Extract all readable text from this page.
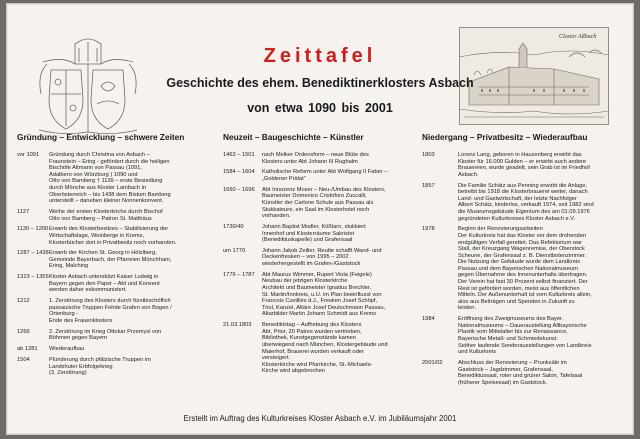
Closter Aßbach
Zeittafel
Geschichte des ehem. Benediktinerklosters Asbach
von etwa 1090 bis 2001
Gründung – Entwicklung – schwere Zeiten	Neuzeit – Baugeschichte – Künstler	Niedergang – Privatbesitz – Wiederaufbau
vor 1091	Gründung durch Christina von Asbach –
Fraunstein – Ering - gefördert durch die heiligen
Bischöfe Altmann von Passau (1091,
Adalbero von Würzburg ) 1090 und
Otto von Bamberg † 1139 – erste Besiedlung
durch Mönche aus Kloster Lambach in
Oberösterreich – bis 1438 dem Bistum Bamberg
unterstellt – daneben kleiner Nonnenkonvent.
1127	Weihe der ersten Klosterkirche durch Bischof
Otto von Bamberg – Patron St. Matthäus
1130 – 1200 Erwerb des Klosterbesitzes – Stabilisierung der
Wirtschaftslage, Weinberge in Krems,
Klosterbücher dort in Privatbesitz noch vorhanden.
1287 – 1438 Erwerb der Kirchen St. Georg in Hölzlberg,
Gemeinde Bayerbach, der Pfarreien Münchham,
Ering, Malching
1323 – 1365 Kloster Asbach unterstützt Kaiser Ludwig in
Bayern gegen den Papst – Abt und Konvent
werden daher exkommuniziert.
1212	1. Zerstörung des Klosters durch fürstbischöflich
passauische Truppen Fehde Grafen von Bogen /
Ortenburg -
Ende des Frauenklosters
1266	2. Zerstörung im Krieg Ottokar Przemysl von
Böhmen gegen Bayern
ab 1281	Wiederaufbau
1504	Plünderung durch pfälzische Truppen im
Landshuter Erbfolgekrieg
(3. Zerstörung)
1463 – 1501	nach Melker Ordensform – neue Blüte des
Klosters unter Abt Johann III Rughalm
1584 – 1604	Katholische Reform unter Abt Wolfgang II Faber –
„Goldener Prälat“
1660 – 1696	Abt Innozenz Moser – Neu-/Umbau des Klosters,
Baumeister Domenico Cristoforo Zuccalli,
Künstler der Carlone Schule aus Passau als
Stukkateure, ein Saal im Klosterhotel noch
vorhanden.
1730/40	Johann Baptist Modler, Kößlarn, stukkiert
Innenhof und Klosterräume Sakristei
(Benediktuskapelle) und Grafensaal
um 1770	Johann Jakob Zeiller, Reutte schafft Wand- und
Deckenfresken – von 1995 – 2002
wiederhergestellt im Grafen-/Gaststock
1776 – 1787	Abt Maurus Wimmer, Rupert Viola (Feigele)
Neubau der jetzigen Klosterkirche
Architekt und Baumeister Ignatius Brechler,
St. Martin/Innkreis, u.U. im Plan beeinflusst von
Francois Cuvilliés d.J., Fresken Josef Schöpf,
Tirol, Kanzel, Altäre Josef Deutschmann Passau,
Altarbilder Martin Johann Schmidt aus Krems
21.03.1803	Benediktstag – Aufhebung des Klosters
Abt, Prior, 20 Patres wurden vertrieben,
Bibliothek, Kunstgegenstände kamen
überwiegend nach München, Klostergebäude und
Maierhof, Brauerei wurden verkauft oder
versteigert.
Klosterkirche wird Pfarrkirche, St.-Michaels-
Kirche wird abgebrochen
1803	Lorenz Lang, geboren in Hauzenberg erwirbt das
Kloster für 16.000 Gulden – er erwirbt auch andere
Brauereien, wurde geadelt, sein Grab ist im Friedhof
Asbach.
1857	Die Familie Schätz aus Penning erwirbt die Anlage,
betreibt bis 1918 die Klosterbrauerei weiter, danach
Land- und Gastwirtschaft, der letzte Nachfolger
Albert Schätz, kinderlos, verkauft 1974, seit 1982 sind
die Museumsgebäude Eigentum des am 01.09.1976
gegründeten Kulturkreises Kloster Asbach e.V.
1978	Beginn der Renovierungsarbeiten
Der Kulturkreis hat das Kloster vor dem drohenden
endgültigen Verfall gerettet. Das Refektorium war
Stall, der Kreuzgang Wagenremise, der Oberstock
Scheune, der Grafensaal z. B. Dienstbotenzimmer.
Die Nutzung der Gebäude wurde dem Landkreis
Passau und dem Bayerischen Nationalmuseum
gegen Übernahme des Innenunterhalts übertragen.
Der Verein hat fast 30 Prozent selbst finanziert. Der
Rest ist gefördert worden, meist aus öffentlichen
Mitteln. Der Außenunterhalt ist vom Kulturkreis allein,
also aus Beiträgen und Spenden in Zukunft zu
leisten.
1984	Eröffnung des Zweigmuseums des Bayer.
Nationalmuseums – Daueraustellung Altbayerische
Plastik vom Mittelalter bis zur Renaissance,
Bayerische Metall- und Schmiedekunst.
Seither laufende Sonderausstellungen von Landkreis
und Kulturkreis
2001/02	Abschluss der Renovierung – Prunksäle im
Gaststock – Jagdzimmer, Grafensaal,
Benediktussaal, roter und grüner Salon, Tafelsaal
(früherer Speisesaal) im Gaststock.
Erstellt im Auftrag des Kulturkreises Kloster Asbach e.V. im Jubiläumsjahr 2001
